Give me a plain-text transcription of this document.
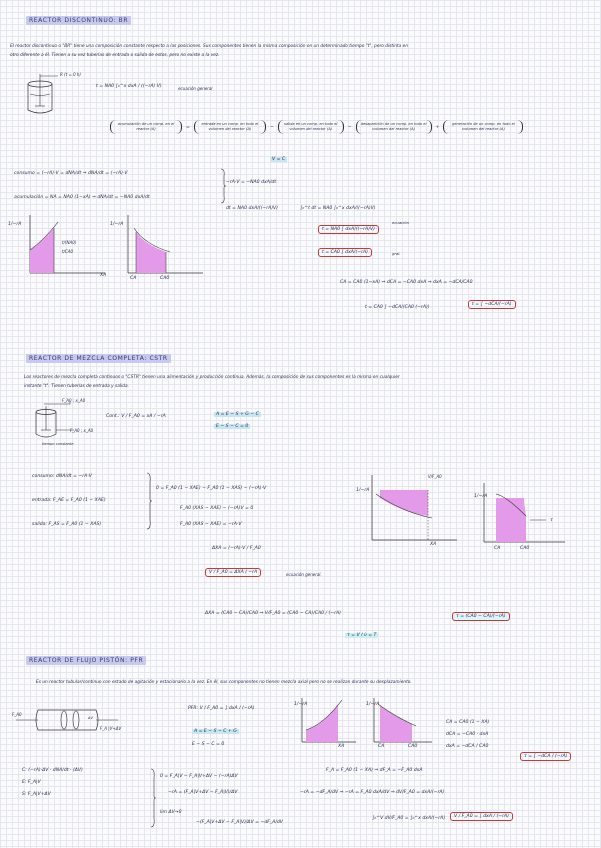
REACTOR DISCONTINUO: BR
El reactor discontinuo o "BR" tiene una composición constante respecto a las posiciones. Sus componentes tienen la misma composición en un determinado tiempo "t", pero distinta en
otro diferente a él. Tienen a su vez tuberías de entrada o salida de estos, pero no existe a la vez.
R (t = 0 h)
t = NA0 ∫₀^x dxA / ((−rA) V)	ecuación general
acumulación de un comp. en el reactor (A)	=
entrada en un comp. en todo el volumen del reactor (A)	−
salida en un comp. en todo el volumen del reactor (A)	−
desaparición de un comp. en todo el volumen del reactor (A)	+
generación de un comp. en todo el volumen del reactor (A)
V = C
consumo = (−rA)·V = dNA/dt ⇒ dNA/dt = (−rA)·V
acumulación = NA = NA0 (1−xA) ⇒ dNA/dt = −NA0 dxA/dt
−rA·V = −NA0 dxA/dt
dt = NA0 dxA/((−rA)V)	∫₀^t dt = NA0 ∫₀^x dxA/((−rA)V)
t = NA0 ∫ dxA/((−rA)V)
ecuación
t = CA0 ∫ dxA/(−rA)	gral.
CA = CA0 (1−xA) ⇒ dCA = −CA0 dxA ⇒ dxA = −dCA/CA0
t = CA0 ∫ −dCA/(CA0 (−rA))
t = ∫ −dCA/(−rA)
1/−rA
XA
t/(NA0)
t/CA0
1/−rA
CA	CA0
REACTOR DE MEZCLA COMPLETA: CSTR
Los reactores de mezcla completa continuos o "CSTR" tienen una alimentación y producción continua. Además, la composición de sus componentes es la misma en cualquier
instante "t". Tienen tuberías de entrada y salida.
F_A0 ; x_A0
F_A0 ; x_A0
tiempo constante
Cont.: V / F_A0 = xA / −rA	A = E − S + G − C
E − S − C = 0
consumo: dNA/dt = −rA·V
entrada: F_AE = F_A0 (1 − XAE)
salida: F_AS = F_A0 (1 − XAS)
0 = F_A0 (1 − XAE) − F_A0 (1 − XAS) − (−rA)·V
F_A0 (XAS − XAE) − (−rA)V = 0
F_A0 (XAS − XAE) = −rA·V
ΔXA = (−rA)·V / F_A0
V / F_A0 = ΔXA / −rA	ecuación general.
ΔXA = (CA0 − CA)/CA0 ⇒ V/F_A0 = (CA0 − CA)/CA0 / (−rA)
τ = (CA0 − CA)/(−rA)
τ = V / υ̇ = T
1/−rA
XA
V/F_A0
1/−rA
CA	CA0
τ
REACTOR DE FLUJO PISTÓN: PFR
Es un reactor tubular/continuo con estado de agitación y estacionario a la vez. En él, sus componentes no tienen mezcla axial pero no se realizan durante su desplazamiento.
F_A0
F_A |V+ΔV
ΔV
PFR: V / F_A0 = ∫ dxA / (−rA)
A = E − S − C + G
E − S − C = 0
1/−rA
XA
1/−rA
CA	CA0
CA = CA0 (1 − XA)
dCA = −CA0 · dxA
dxA = −dCA / CA0
τ = ∫ −dCA / (−rA)
C: (−rA)·ΔV · dNA/dt · (ΔV)
E: F_A|V
S: F_A|V+ΔV
0 = F_A|V − F_A|V+ΔV − (−rA)ΔV
−rA = (F_A|V+ΔV − F_A|V)/ΔV
lim ΔV→0
−(F_A|V+ΔV − F_A|V)/ΔV = −dF_A/dV
F_A = F_A0 (1 − XA) ⇒ dF_A = −F_A0 dxA
−rA = −dF_A/dV ⇒ −rA = F_A0 dxA/dV ⇒ dV/F_A0 = dxA/(−rA)
∫₀^V dV/F_A0 = ∫₀^x dxA/(−rA)	V / F_A0 = ∫ dxA / (−rA)
